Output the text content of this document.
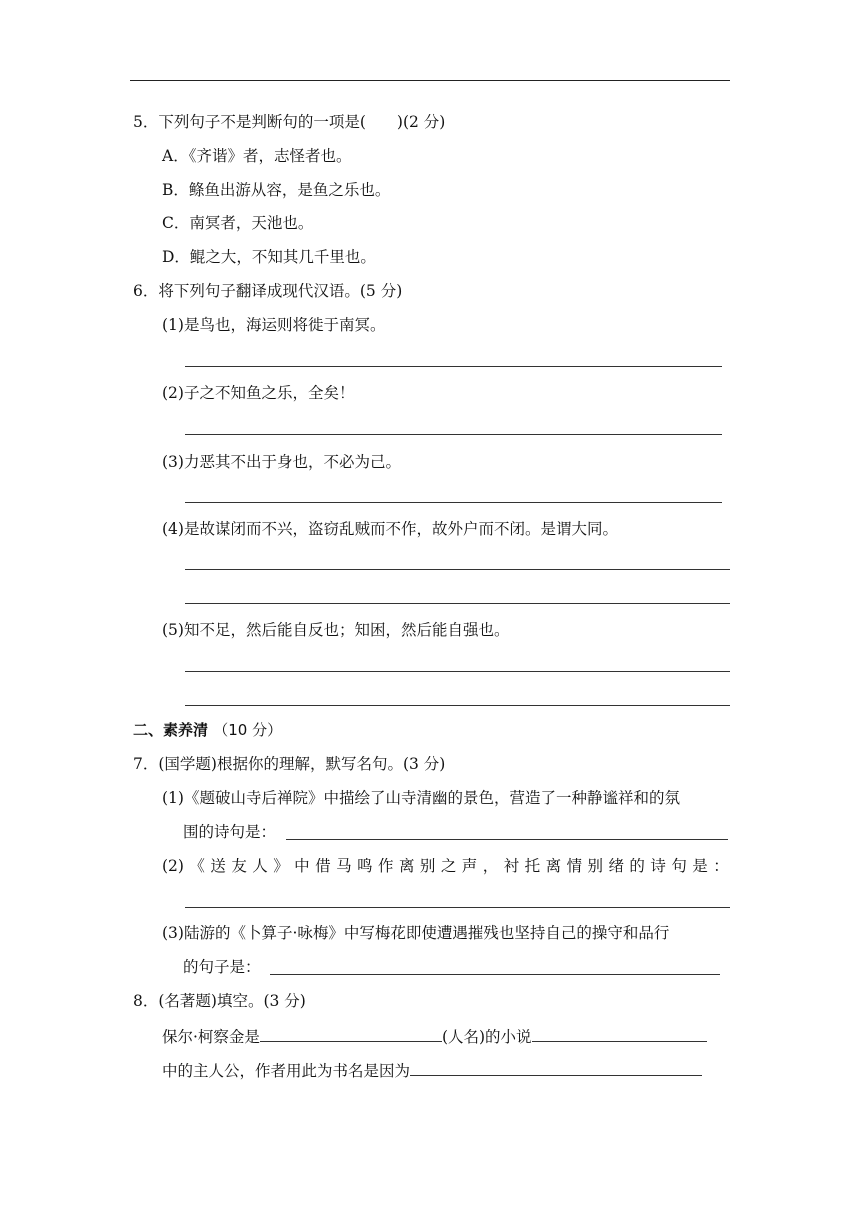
5．下列句子不是判断句的一项是(　　)(2 分)
A．《齐谐》者，志怪者也。
B．鲦鱼出游从容，是鱼之乐也。
C．南冥者，天池也。
D．鲲之大，不知其几千里也。
6．将下列句子翻译成现代汉语。(5 分)
(1)是鸟也，海运则将徙于南冥。
(2)子之不知鱼之乐，全矣！
(3)力恶其不出于身也，不必为己。
(4)是故谋闭而不兴，盗窃乱贼而不作，故外户而不闭。是谓大同。
(5)知不足，然后能自反也；知困，然后能自强也。
二、素养清 （10 分）
7．(国学题)根据你的理解，默写名句。(3 分)
(1)《题破山寺后禅院》中描绘了山寺清幽的景色，营造了一种静谧祥和的氛
围的诗句是：
(2) 《 送 友 人 》 中 借 马 鸣 作 离 别 之 声 ， 衬 托 离 情 别 绪 的 诗 句 是 ：
(3)陆游的《卜算子·咏梅》中写梅花即使遭遇摧残也坚持自己的操守和品行
的句子是：
8．(名著题)填空。(3 分)
保尔·柯察金是	(人名)的小说
中的主人公，作者用此为书名是因为
